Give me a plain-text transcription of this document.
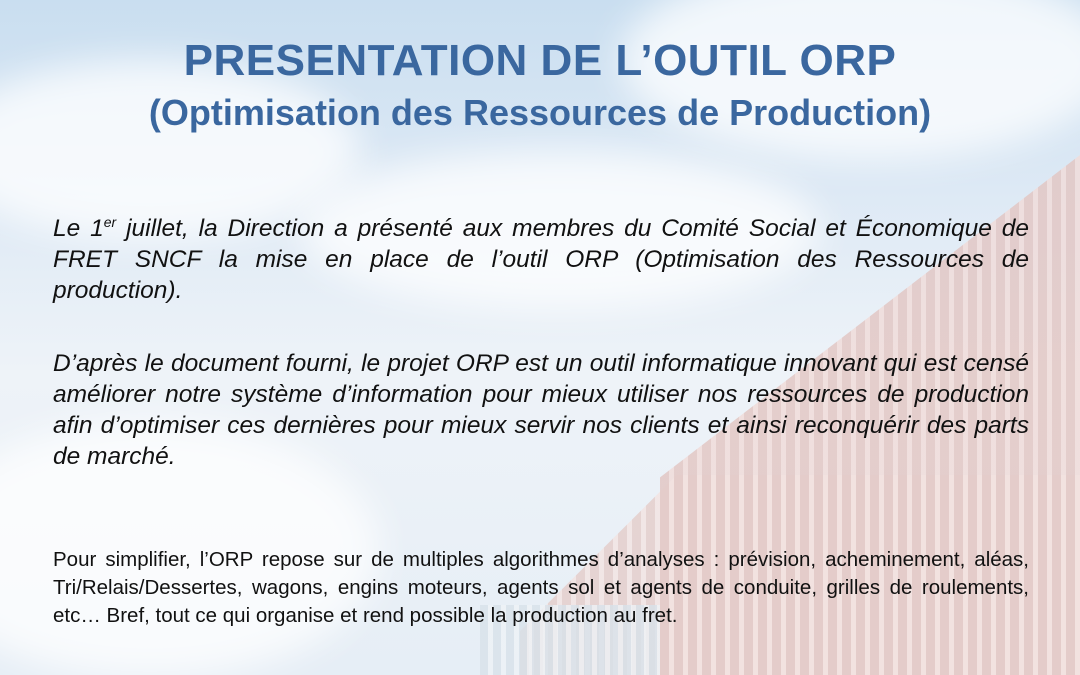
PRESENTATION DE L’OUTIL ORP
(Optimisation des Ressources de Production)
Le 1er juillet, la Direction a présenté aux membres du Comité Social et Économique de FRET SNCF la mise en place de l’outil ORP (Optimisation des Ressources de production).
D’après le document fourni, le projet ORP est un outil informatique innovant qui est censé améliorer notre système d’information pour mieux utiliser nos ressources de production afin d’optimiser ces dernières pour mieux servir nos clients et ainsi reconquérir des parts de marché.
Pour simplifier, l’ORP repose sur de multiples algorithmes d’analyses : prévision, acheminement, aléas, Tri/Relais/Dessertes, wagons, engins moteurs, agents sol et agents de conduite, grilles de roulements, etc… Bref, tout ce qui organise et rend possible la production au fret.
